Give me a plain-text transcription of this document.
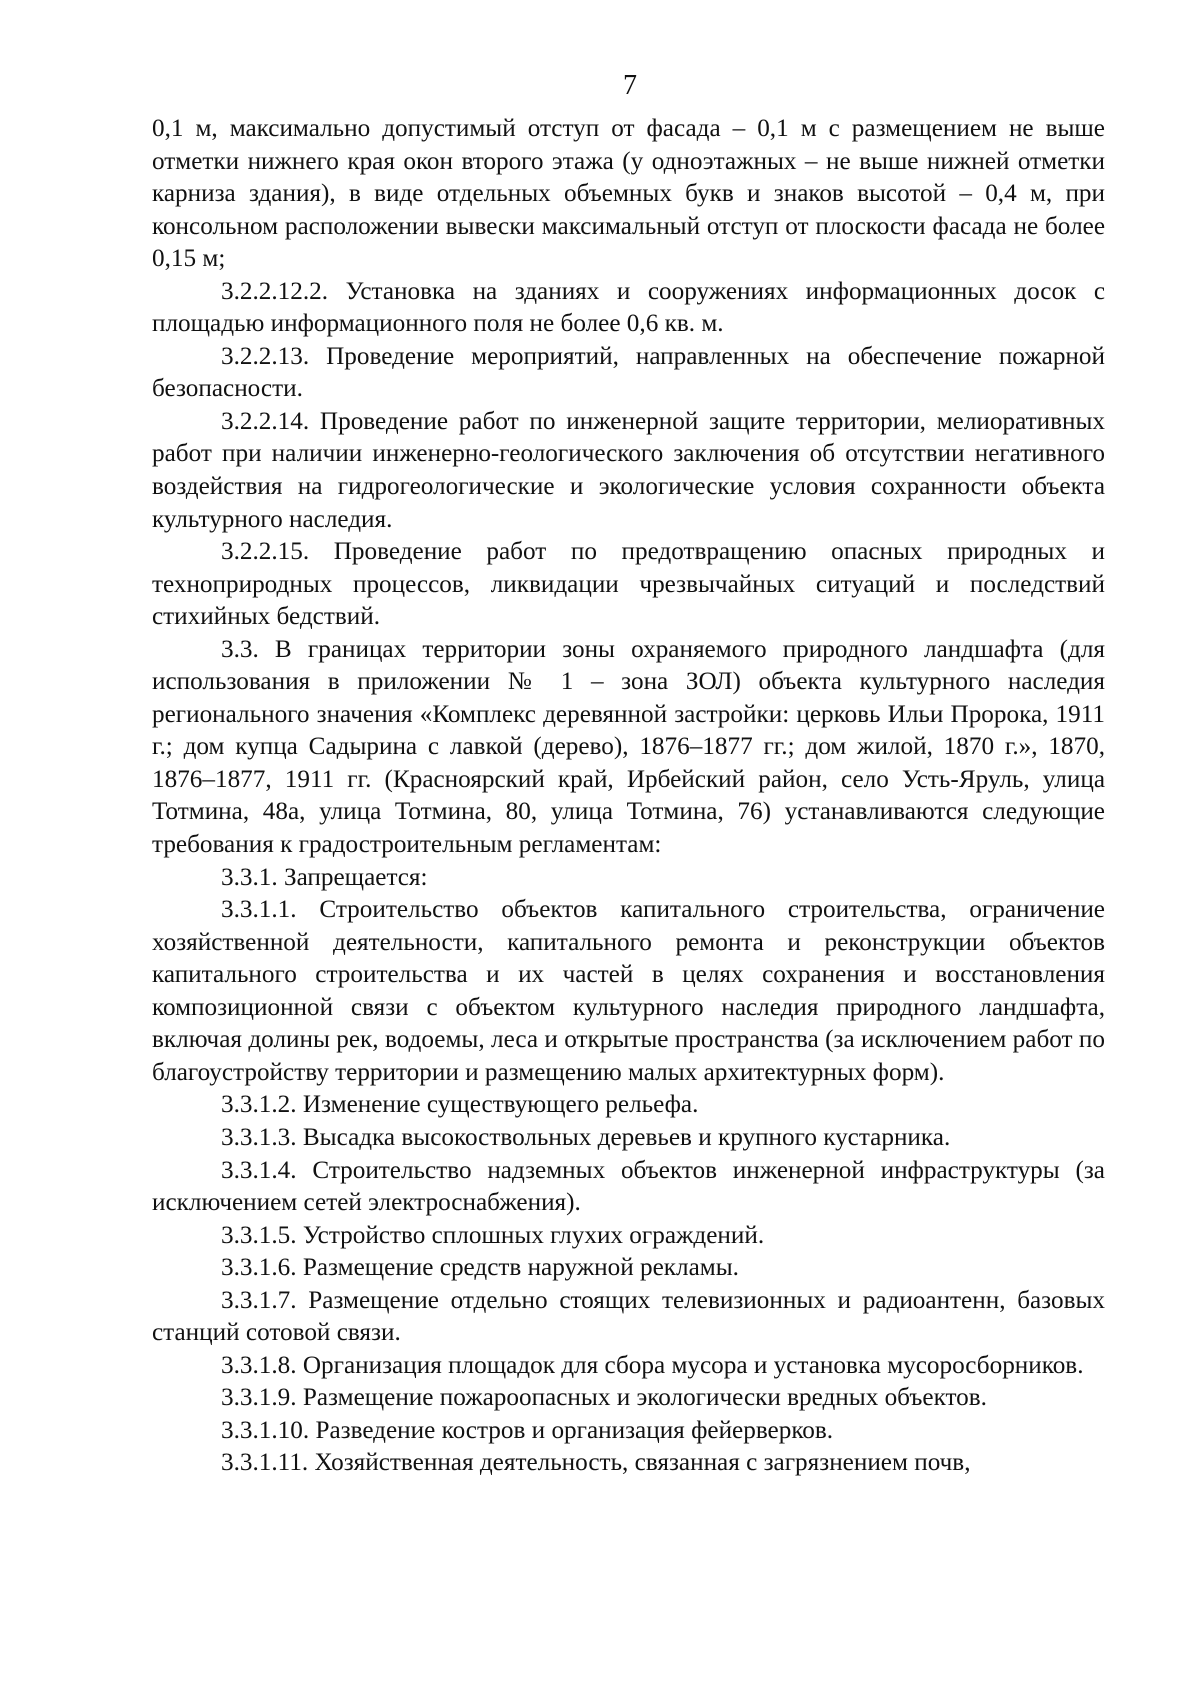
7

0,1 м, максимально допустимый отступ от фасада – 0,1 м с размещением не выше отметки нижнего края окон второго этажа (у одноэтажных – не выше нижней отметки карниза здания), в виде отдельных объемных букв и знаков высотой – 0,4 м, при консольном расположении вывески максимальный отступ от плоскости фасада не более 0,15 м;

3.2.2.12.2. Установка на зданиях и сооружениях информационных досок с площадью информационного поля не более 0,6 кв. м.

3.2.2.13. Проведение мероприятий, направленных на обеспечение пожарной безопасности.

3.2.2.14. Проведение работ по инженерной защите территории, мелиоративных работ при наличии инженерно-геологического заключения об отсутствии негативного воздействия на гидрогеологические и экологические условия сохранности объекта культурного наследия.

3.2.2.15. Проведение работ по предотвращению опасных природных и технoприродных процессов, ликвидации чрезвычайных ситуаций и последствий стихийных бедствий.

3.3. В границах территории зоны охраняемого природного ландшафта (для использования в приложении № 1 – зона ЗОЛ) объекта культурного наследия регионального значения «Комплекс деревянной застройки: церковь Ильи Пророка, 1911 г.; дом купца Садырина с лавкой (дерево), 1876–1877 гг.; дом жилой, 1870 г.», 1870, 1876–1877, 1911 гг. (Красноярский край, Ирбейский район, село Усть-Яруль, улица Тотмина, 48а, улица Тотмина, 80, улица Тотмина, 76) устанавливаются следующие требования к градостроительным регламентам:

3.3.1. Запрещается:

3.3.1.1. Строительство объектов капитального строительства, ограничение хозяйственной деятельности, капитального ремонта и реконструкции объектов капитального строительства и их частей в целях сохранения и восстановления композиционной связи с объектом культурного наследия природного ландшафта, включая долины рек, водоемы, леса и открытые пространства (за исключением работ по благоустройству территории и размещению малых архитектурных форм).

3.3.1.2. Изменение существующего рельефа.

3.3.1.3. Высадка высокоствольных деревьев и крупного кустарника.

3.3.1.4. Строительство надземных объектов инженерной инфраструктуры (за исключением сетей электроснабжения).

3.3.1.5. Устройство сплошных глухих ограждений.

3.3.1.6. Размещение средств наружной рекламы.

3.3.1.7. Размещение отдельно стоящих телевизионных и радиоантенн, базовых станций сотовой связи.

3.3.1.8. Организация площадок для сбора мусора и установка мусоросборников.

3.3.1.9. Размещение пожароопасных и экологически вредных объектов.

3.3.1.10. Разведение костров и организация фейерверков.

3.3.1.11. Хозяйственная деятельность, связанная с загрязнением почв,
